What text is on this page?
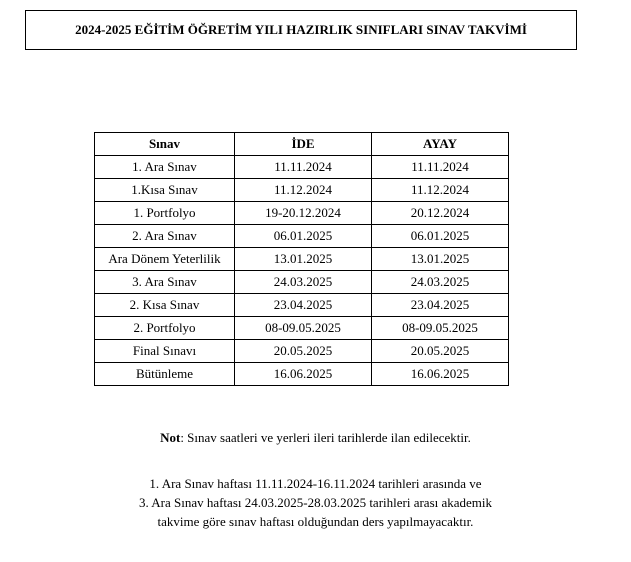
2024-2025 EĞİTİM ÖĞRETİM YILI HAZIRLIK SINIFLARI SINAV TAKVİMİ
Sınav	İDE	AYAY
1. Ara Sınav	11.11.2024	11.11.2024
1.Kısa Sınav	11.12.2024	11.12.2024
1. Portfolyo	19-20.12.2024	20.12.2024
2. Ara Sınav	06.01.2025	06.01.2025
Ara Dönem Yeterlilik	13.01.2025	13.01.2025
3. Ara Sınav	24.03.2025	24.03.2025
2. Kısa Sınav	23.04.2025	23.04.2025
2. Portfolyo	08-09.05.2025	08-09.05.2025
Final Sınavı	20.05.2025	20.05.2025
Bütünleme	16.06.2025	16.06.2025
Not: Sınav saatleri ve yerleri ileri tarihlerde ilan edilecektir.
1. Ara Sınav haftası 11.11.2024-16.11.2024 tarihleri arasında ve
3. Ara Sınav haftası 24.03.2025-28.03.2025 tarihleri arası akademik
takvime göre sınav haftası olduğundan ders yapılmayacaktır.
